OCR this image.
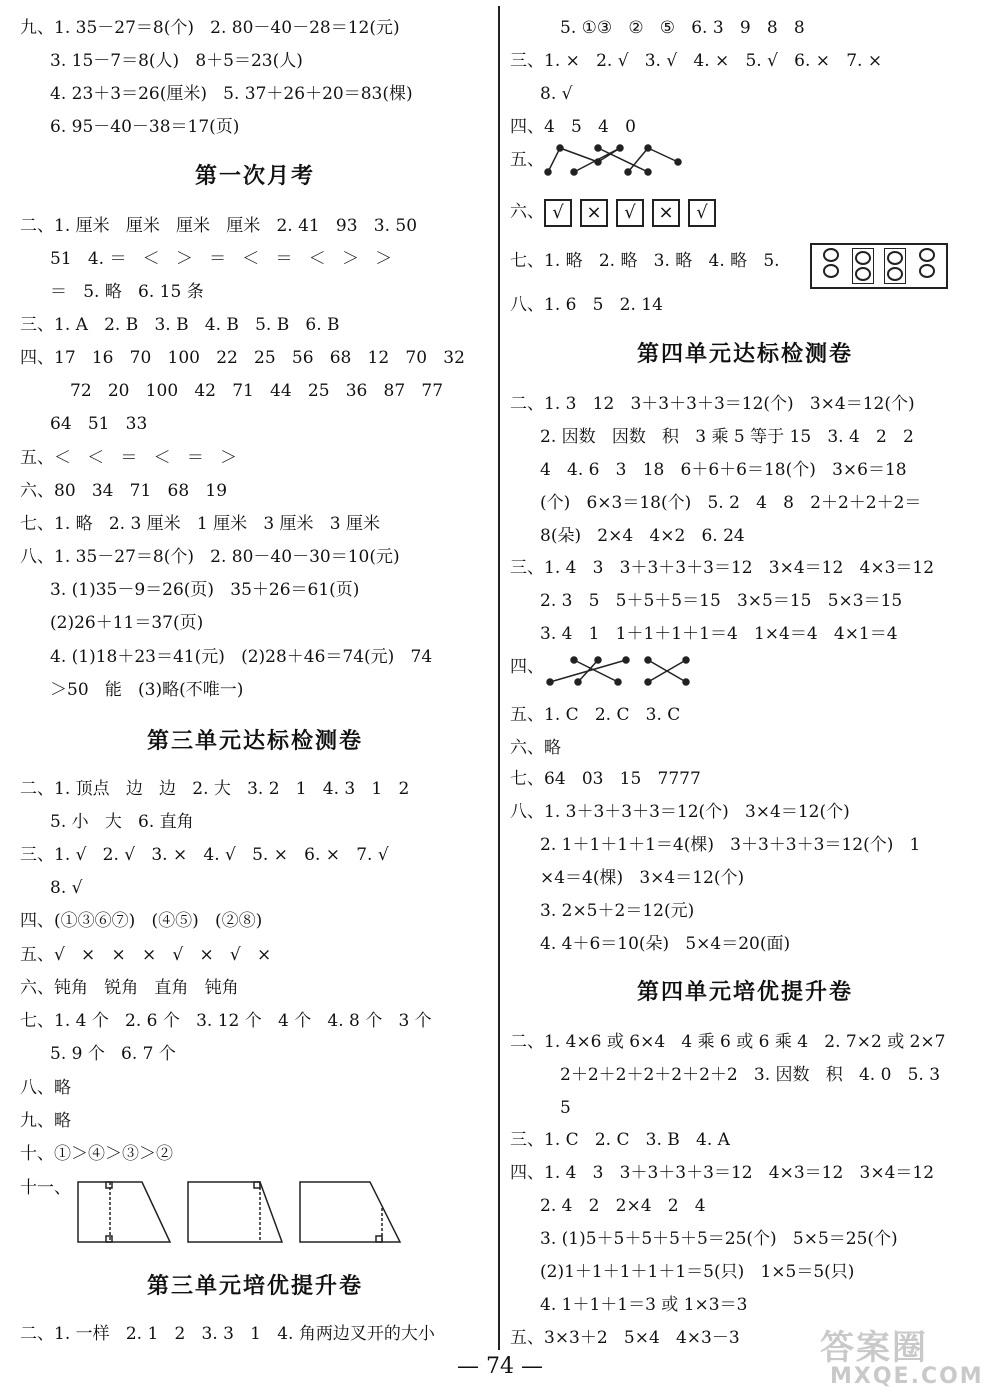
九、1. 35－27＝8(个)   2. 80－40－28＝12(元)
3. 15－7＝8(人)   8＋5＝23(人)
4. 23＋3＝26(厘米)   5. 37＋26＋20＝83(棵)
6. 95－40－38＝17(页)
第一次月考
二、1. 厘米   厘米   厘米   厘米   2. 41   93   3. 50
51   4. ＝   ＜   ＞   ＝   ＜   ＝   ＜   ＞   ＞
＝   5. 略   6. 15 条
三、1. A   2. B   3. B   4. B   5. B   6. B
四、17   16   70   100   22   25   56   68   12   70   32
72   20   100   42   71   44   25   36   87   77
64   51   33
五、＜   ＜   ＝   ＜   ＝   ＞
六、80   34   71   68   19
七、1. 略   2. 3 厘米   1 厘米   3 厘米   3 厘米
八、1. 35－27＝8(个)   2. 80－40－30＝10(元)
3. (1)35－9＝26(页)   35＋26＝61(页)
(2)26＋11＝37(页)
4. (1)18＋23＝41(元)   (2)28＋46＝74(元)   74
＞50   能   (3)略(不唯一)
第三单元达标检测卷
二、1. 顶点   边   边   2. 大   3. 2   1   4. 3   1   2
5. 小   大   6. 直角
三、1. √   2. √   3. ×   4. √   5. ×   6. ×   7. √
8. √
四、(①③⑥⑦)   (④⑤)   (②⑧)
五、√   ×   ×   ×   √   ×   √   ×
六、钝角   锐角   直角   钝角
七、1. 4 个   2. 6 个   3. 12 个   4 个   4. 8 个   3 个
5. 9 个   6. 7 个
八、略
九、略
十、①＞④＞③＞②
十一、
第三单元培优提升卷
二、1. 一样   2. 1   2   3. 3   1   4. 角两边叉开的大小
5. ①③   ②   ⑤   6. 3   9   8   8
三、1. ×   2. √   3. √   4. ×   5. √   6. ×   7. ×
8. √
四、4   5   4   0
五、
六、 √	×	√	×	√
七、1. 略   2. 略   3. 略   4. 略   5.
八、1. 6   5   2. 14
第四单元达标检测卷
二、1. 3   12   3＋3＋3＋3＝12(个)   3×4＝12(个)
2. 因数   因数   积   3 乘 5 等于 15   3. 4   2   2
4   4. 6   3   18   6＋6＋6＝18(个)   3×6＝18
(个)   6×3＝18(个)   5. 2   4   8   2＋2＋2＋2＝
8(朵)   2×4   4×2   6. 24
三、1. 4   3   3＋3＋3＋3＝12   3×4＝12   4×3＝12
2. 3   5   5＋5＋5＝15   3×5＝15   5×3＝15
3. 4   1   1＋1＋1＋1＝4   1×4＝4   4×1＝4
四、
五、1. C   2. C   3. C
六、略
七、64   03   15   7777
八、1. 3＋3＋3＋3＝12(个)   3×4＝12(个)
2. 1＋1＋1＋1＝4(棵)   3＋3＋3＋3＝12(个)   1
×4＝4(棵)   3×4＝12(个)
3. 2×5＋2＝12(元)
4. 4＋6＝10(朵)   5×4＝20(面)
第四单元培优提升卷
二、1. 4×6 或 6×4   4 乘 6 或 6 乘 4   2. 7×2 或 2×7
2＋2＋2＋2＋2＋2＋2   3. 因数   积   4. 0   5. 3
5
三、1. C   2. C   3. B   4. A
四、1. 4   3   3＋3＋3＋3＝12   4×3＝12   3×4＝12
2. 4   2   2×4   2   4
3. (1)5＋5＋5＋5＋5＝25(个)   5×5＝25(个)
(2)1＋1＋1＋1＋1＝5(只)   1×5＝5(只)
4. 1＋1＋1＝3 或 1×3＝3
五、3×3＋2   5×4   4×3－3
— 74 —	答案圈
MXQE.COM
